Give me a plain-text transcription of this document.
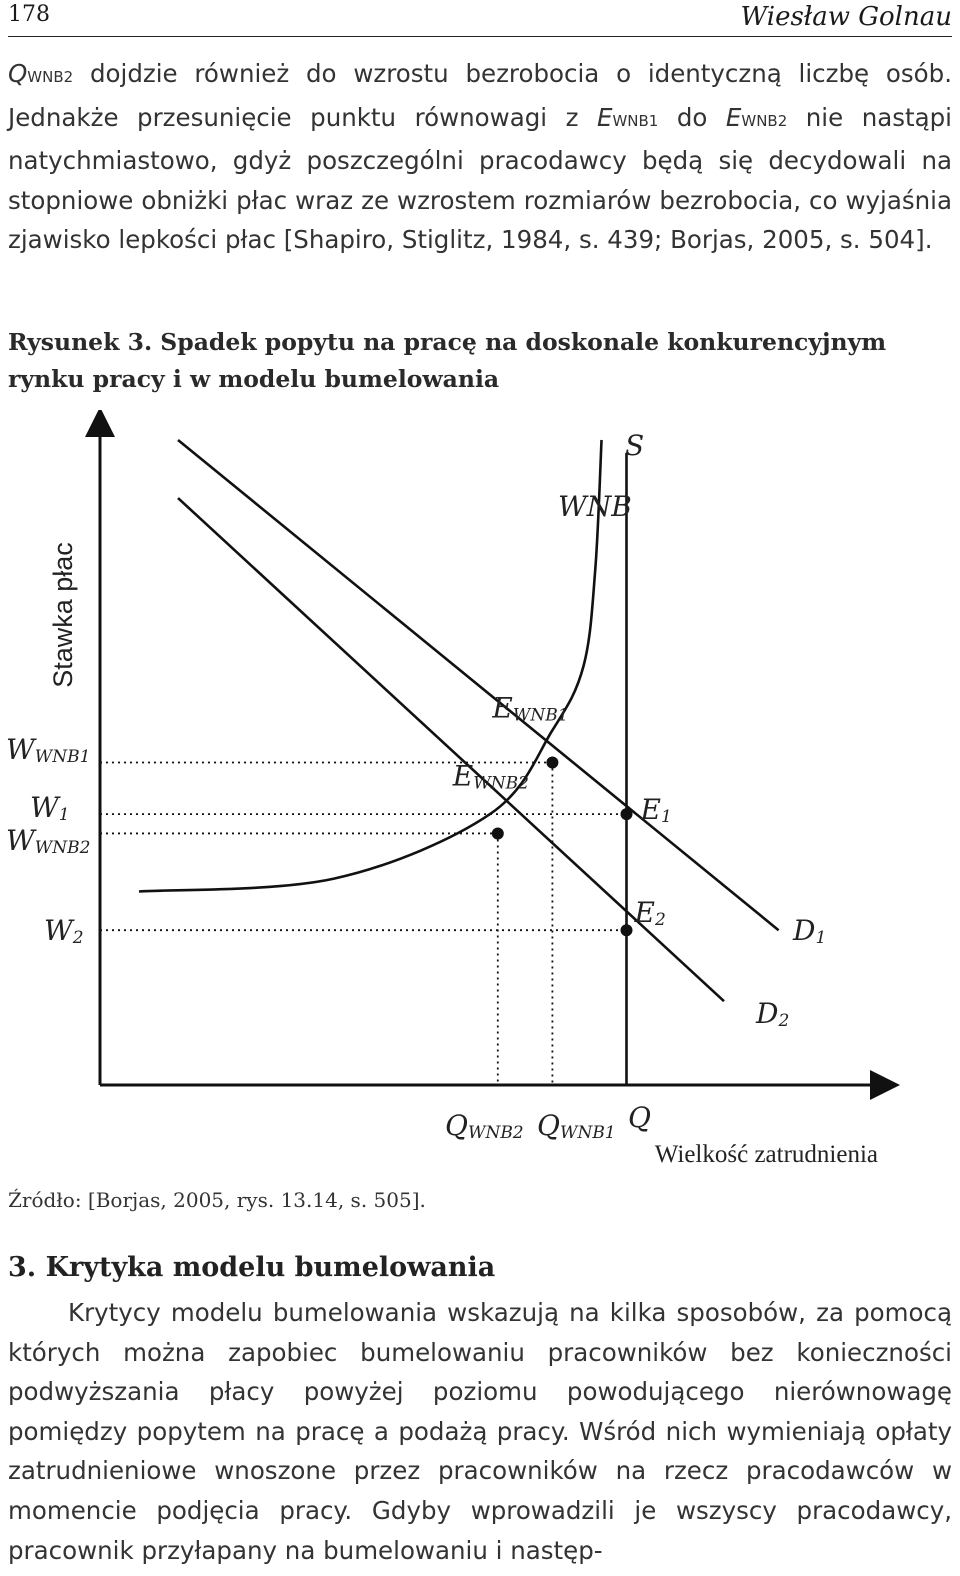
178	Wiesław Golnau

QWNB2 dojdzie również do wzrostu bezrobocia o identyczną liczbę osób. Jednakże przesunięcie punktu równowagi z EWNB1 do EWNB2 nie nastąpi natychmiastowo, gdyż poszczególni pracodawcy będą się decydowali na stopniowe obniżki płac wraz ze wzrostem rozmiarów bezrobocia, co wyjaśnia zjawisko lepkości płac [Shapiro, Stiglitz, 1984, s. 439; Borjas, 2005, s. 504].

Rysunek 3. Spadek popytu na pracę na doskonale konkurencyjnym rynku pracy i w modelu bumelowania
EWNB1
EWNB2
E1
E2
S
WNB
D1
D2
WWNB1
W1
WWNB2
W2
QWNB2 QWNB1 Q
Stawka płac
Wielkość zatrudnienia
Źródło: [Borjas, 2005, rys. 13.14, s. 505].
3. Krytyka modelu bumelowania

Krytycy modelu bumelowania wskazują na kilka sposobów, za pomocą których można zapobiec bumelowaniu pracowników bez konieczności podwyższania płacy powyżej poziomu powodującego nierównowagę pomiędzy popytem na pracę a podażą pracy. Wśród nich wymieniają opłaty zatrudnieniowe wnoszone przez pracowników na rzecz pracodawców w momencie podjęcia pracy. Gdyby wprowadzili je wszyscy pracodawcy, pracownik przyłapany na bumelowaniu i następ-
